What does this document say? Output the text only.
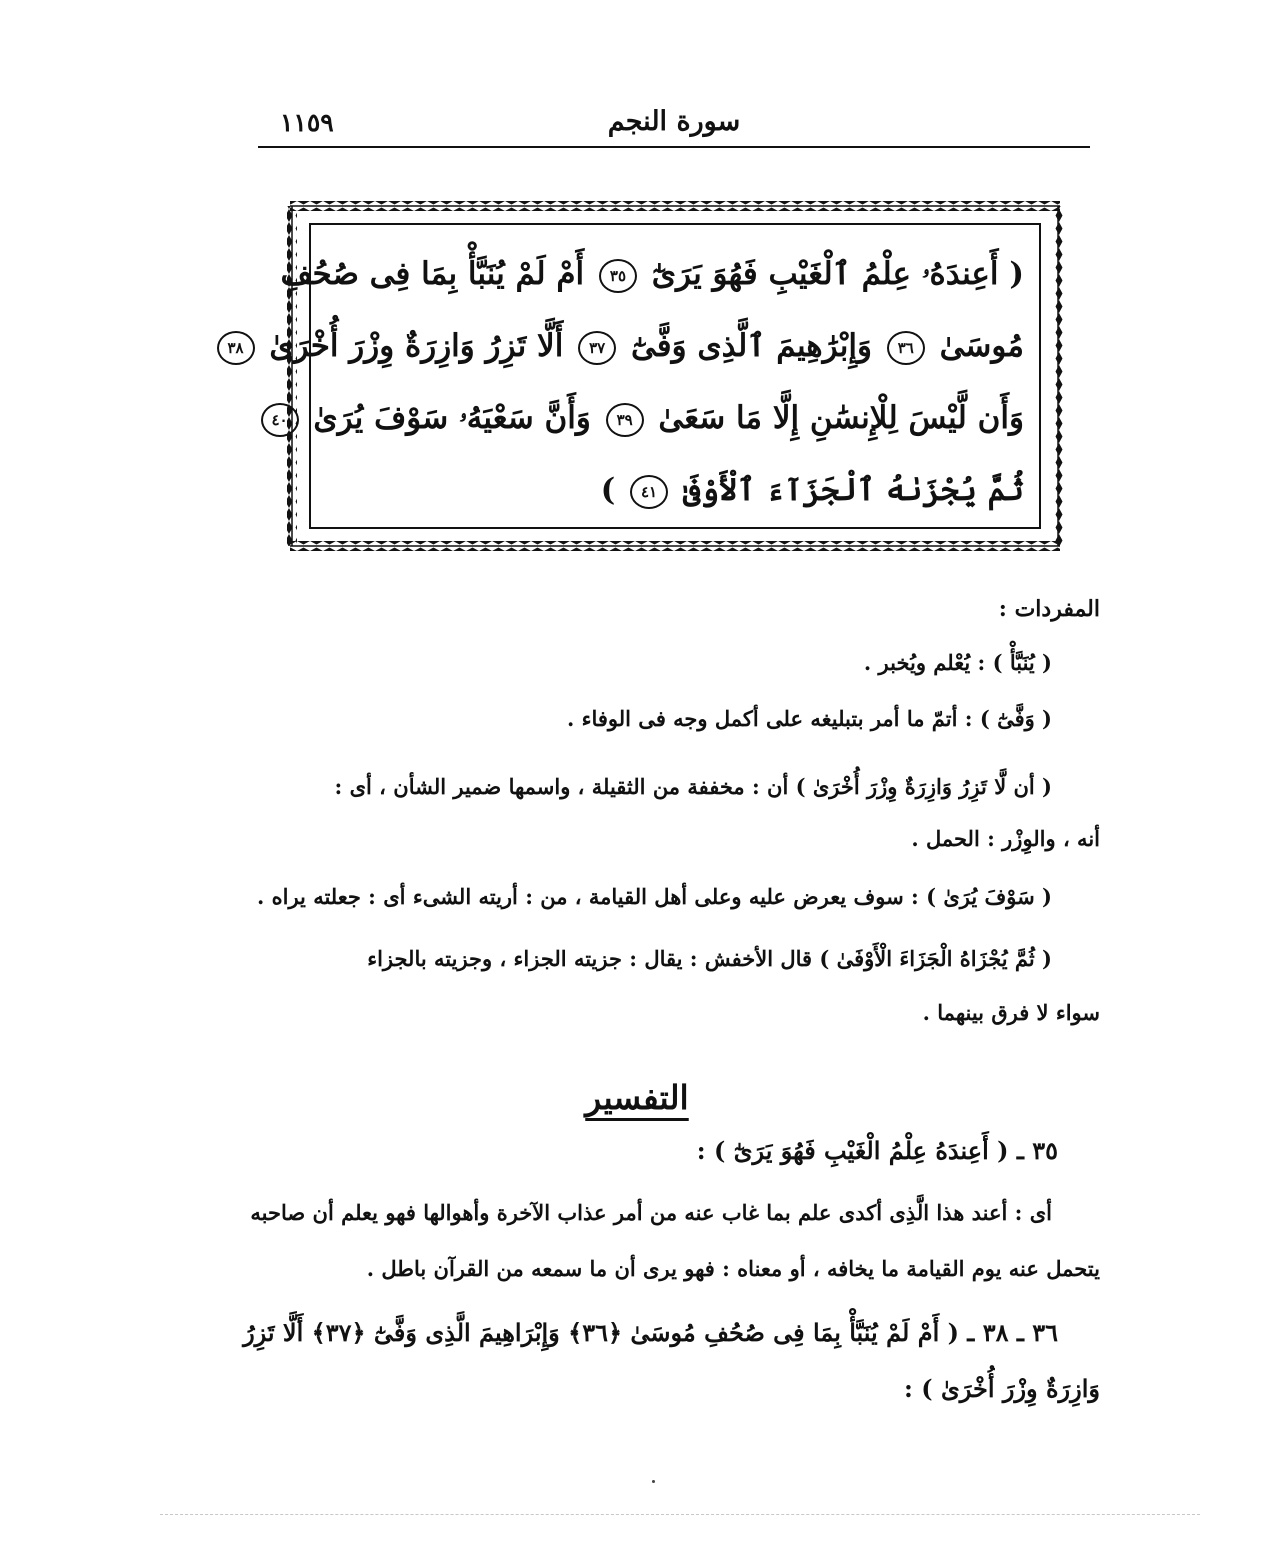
سورة النجم
١١٥٩
( أَعِندَهُۥ عِلْمُ ٱلْغَيْبِ فَهُوَ يَرَىٰٓ ٣٥ أَمْ لَمْ يُنَبَّأْ بِمَا فِى صُحُفِ
مُوسَىٰ ٣٦ وَإِبْرَٰهِيمَ ٱلَّذِى وَفَّىٰٓ ٣٧ أَلَّا تَزِرُ وَازِرَةٌ وِزْرَ أُخْرَىٰ ٣٨
وَأَن لَّيْسَ لِلْإِنسَٰنِ إِلَّا مَا سَعَىٰ ٣٩ وَأَنَّ سَعْيَهُۥ سَوْفَ يُرَىٰ ٤٠
ثُمَّ يُجْزَىٰهُ ٱلْجَزَآءَ ٱلْأَوْفَىٰ ٤١ )
المفردات :
( يُنَبَّأْ ) : يُعْلم ويُخبر .
( وَفَّىٰٓ ) : أتمّ ما أمر بتبليغه على أكمل وجه فى الوفاء .
( أن لَّا تَزِرُ وَازِرَةٌ وِزْرَ أُخْرَىٰ ) أن : مخففة من الثقيلة ، واسمها ضمير الشأن ، أى :
أنه ، والوِزْر : الحمل .
( سَوْفَ يُرَىٰ ) : سوف يعرض عليه وعلى أهل القيامة ، من : أريته الشىء أى : جعلته يراه .
( ثُمَّ يُجْزَاهُ الْجَزَاءَ الْأَوْفَىٰ ) قال الأخفش : يقال : جزيته الجزاء ، وجزيته بالجزاء
سواء لا فرق بينهما .
التفسير
٣٥ ـ ( أَعِندَهُ عِلْمُ الْغَيْبِ فَهُوَ يَرَىٰٓ ) :
أى : أعند هذا الَّذِى أكدى علم بما غاب عنه من أمر عذاب الآخرة وأهوالها فهو يعلم أن صاحبه
يتحمل عنه يوم القيامة ما يخافه ، أو معناه : فهو يرى أن ما سمعه من القرآن باطل .
٣٦ ـ ٣٨ ـ ( أَمْ لَمْ يُنَبَّأْ بِمَا فِى صُحُفِ مُوسَىٰ ﴿٣٦﴾ وَإِبْرَاهِيمَ الَّذِى وَفَّىٰٓ ﴿٣٧﴾ أَلَّا تَزِرُ
وَازِرَةٌ وِزْرَ أُخْرَىٰ ) :
